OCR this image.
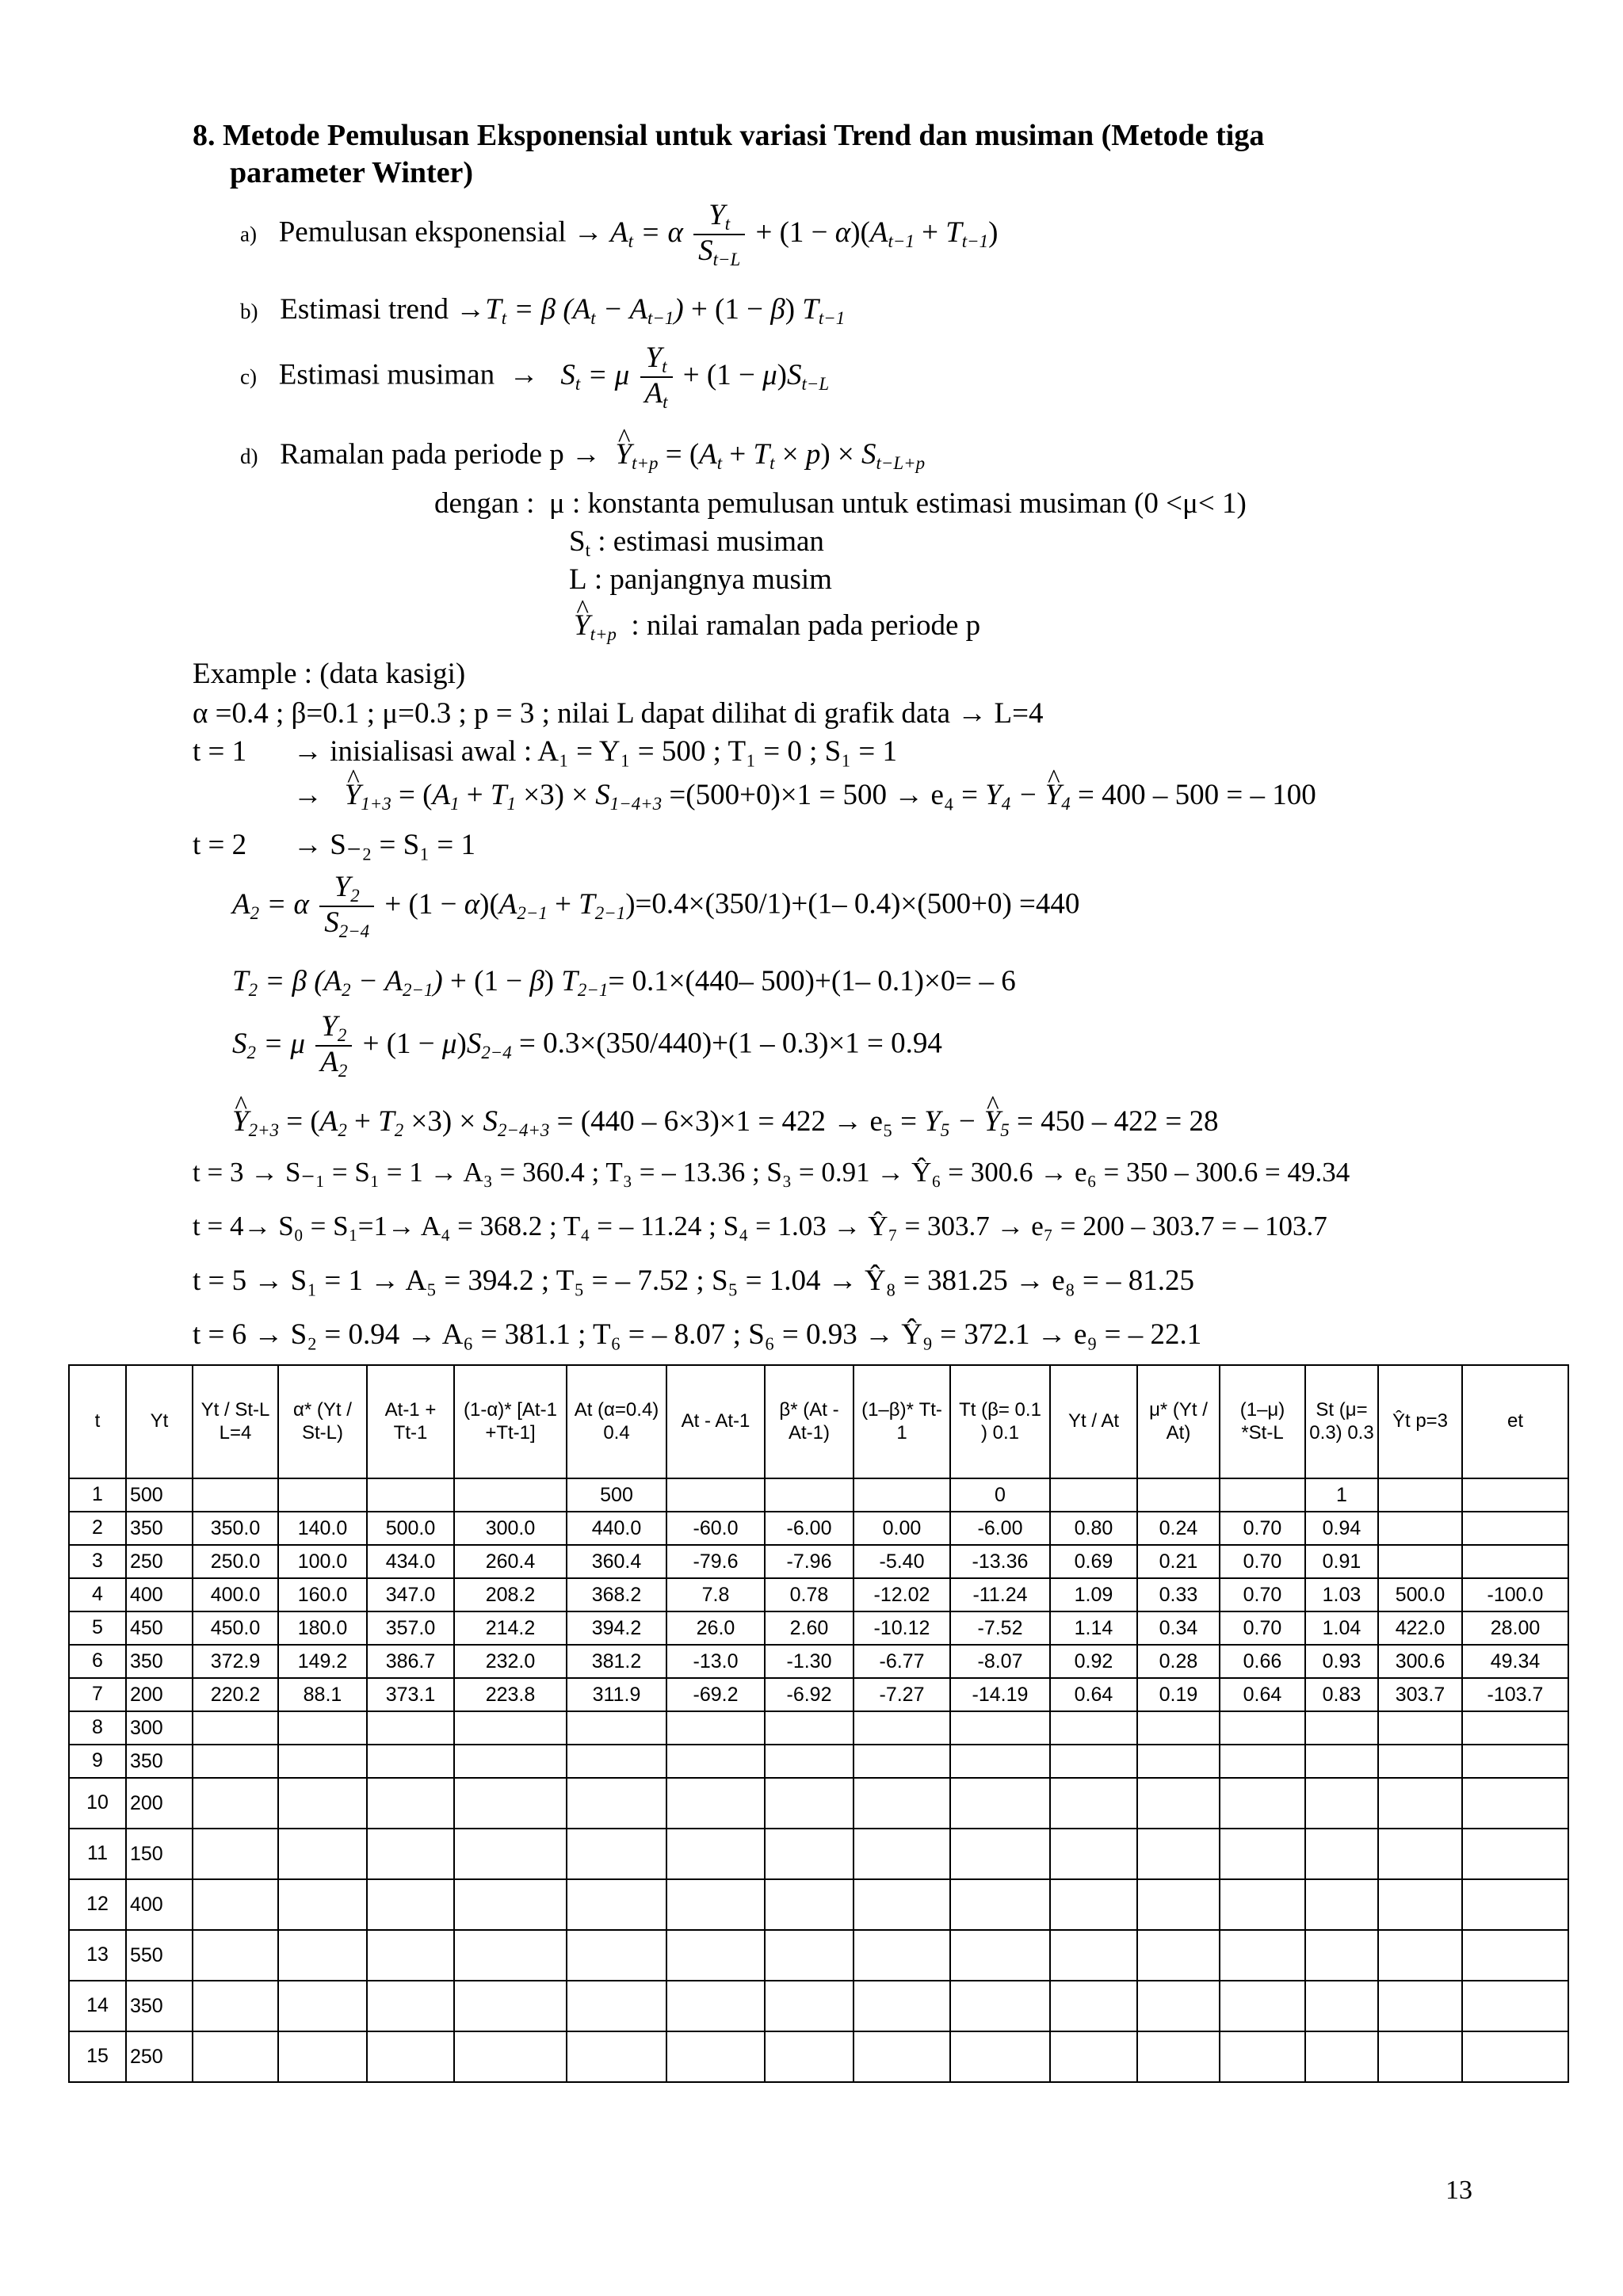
8. Metode Pemulusan Eksponensial untuk variasi Trend dan musiman (Metode tiga
parameter Winter)
a) Pemulusan eksponensial → $A_t = \alpha \frac{Y_t}{S_{t-L}} + (1 - \alpha)(A_{t-1} + T_{t-1})$
b) Estimasi trend $\to T_t = \beta$ $(A_t - A_{t-1}) + (1 - \beta)$ $T_{t-1}$
c) Estimasi musiman → $S_t = \mu \frac{Y_t}{A_t} + (1 - \mu)S_{t-L}$
d) Ramalan pada periode p → ^ $Y_{t+p} = (A_t + T_t \times p) \times S_{t-L+p}$
dengan :  μ : konstanta pemulusan untuk estimasi musiman (0 <μ< 1)
$S_t$ : estimasi musiman
L : panjangnya musim
^ $Y_{t+p}$ : nilai ramalan pada periode p
Example : (data kasigi)
α =0.4 ; β=0.1 ; μ=0.3 ; p = 3 ; nilai L dapat dilihat di grafik data → L=4
t = 1 → inisialisasi awal : A₁ = Y₁ = 500 ; T₁ = 0 ; S₁ = 1
→ ^ $Y_{1+3} = (A_1 + T_1 \times 3) \times S_{1-4+3} =(500+0)\times 1 = 500 \to e_4 = Y_4$ − ^ $Y_4 = 400 - 500$ = – 100
t = 2 → S₋₂ = S₁ = 1
$A_2 = \alpha \frac{Y_2}{S_{2-4}} + (1 - \alpha)(A_{2-1} + T_{2-1})=0.4\times(350/1)+(1-$ 0.4)×(500+0) =440
$T_2 = \beta$ $(A_2 - A_{2-1}) + (1 - \beta)$ $T_{2-1}= 0.1\times(440-$ 500)+(1– 0.1)×0= – 6
$S_2 = \mu \frac{Y_2}{A_2} + (1 - \mu)S_{2-4} = 0.3\times(350/440)+(1 - 0.3)\times 1 = 0.94$
^ $Y_{2+3} = (A_2 + T_2 \times 3) \times S_{2-4+3} = (440 - 6\times 3)\times 1 = 422 \to e_5 = Y_5$ − ^ $Y_5 = 450 - 422 = 28$
t = 3 → S₋₁ = S₁ = 1 → A₃ = 360.4 ; T₃ = – 13.36 ; S₃ = 0.91 → Ŷ₆ = 300.6 → e₆ = 350 – 300.6 = 49.34
t = 4→ S₀ = S₁=1→ A₄ = 368.2 ; T₄ = – 11.24 ; S₄ = 1.03 → Ŷ₇ = 303.7 → e₇ = 200 – 303.7 = – 103.7
t = 5 → S₁ = 1 → A₅ = 394.2 ; T₅ = – 7.52 ; S₅ = 1.04 → Ŷ₈ = 381.25 → e₈ = – 81.25
t = 6 → S₂ = 0.94 → A₆ = 381.1 ; T₆ = – 8.07 ; S₆ = 0.93 → Ŷ₉ = 372.1 → e₉ = – 22.1
t	Yt	Yt / St-L L=4	α* (Yt / St-L)	At-1 + Tt-1	(1-α)* [At-1 +Tt-1]	At (α=0.4) 0.4	At - At-1	β* (At - At-1)	(1–β)* Tt-1	Tt (β= 0.1 ) 0.1	Yt / At	μ* (Yt / At)	(1–μ) *St-L	St (μ= 0.3) 0.3	Ŷt p=3	et
1	500					500				0				1		
2	350	350.0	140.0	500.0	300.0	440.0	-60.0	-6.00	0.00	-6.00	0.80	0.24	0.70	0.94		
3	250	250.0	100.0	434.0	260.4	360.4	-79.6	-7.96	-5.40	-13.36	0.69	0.21	0.70	0.91		
4	400	400.0	160.0	347.0	208.2	368.2	7.8	0.78	-12.02	-11.24	1.09	0.33	0.70	1.03	500.0	-100.0
5	450	450.0	180.0	357.0	214.2	394.2	26.0	2.60	-10.12	-7.52	1.14	0.34	0.70	1.04	422.0	28.00
6	350	372.9	149.2	386.7	232.0	381.2	-13.0	-1.30	-6.77	-8.07	0.92	0.28	0.66	0.93	300.6	49.34
7	200	220.2	88.1	373.1	223.8	311.9	-69.2	-6.92	-7.27	-14.19	0.64	0.19	0.64	0.83	303.7	-103.7
8	300															
9	350															
10	200															
11	150															
12	400															
13	550															
14	350															
15	250															
13
